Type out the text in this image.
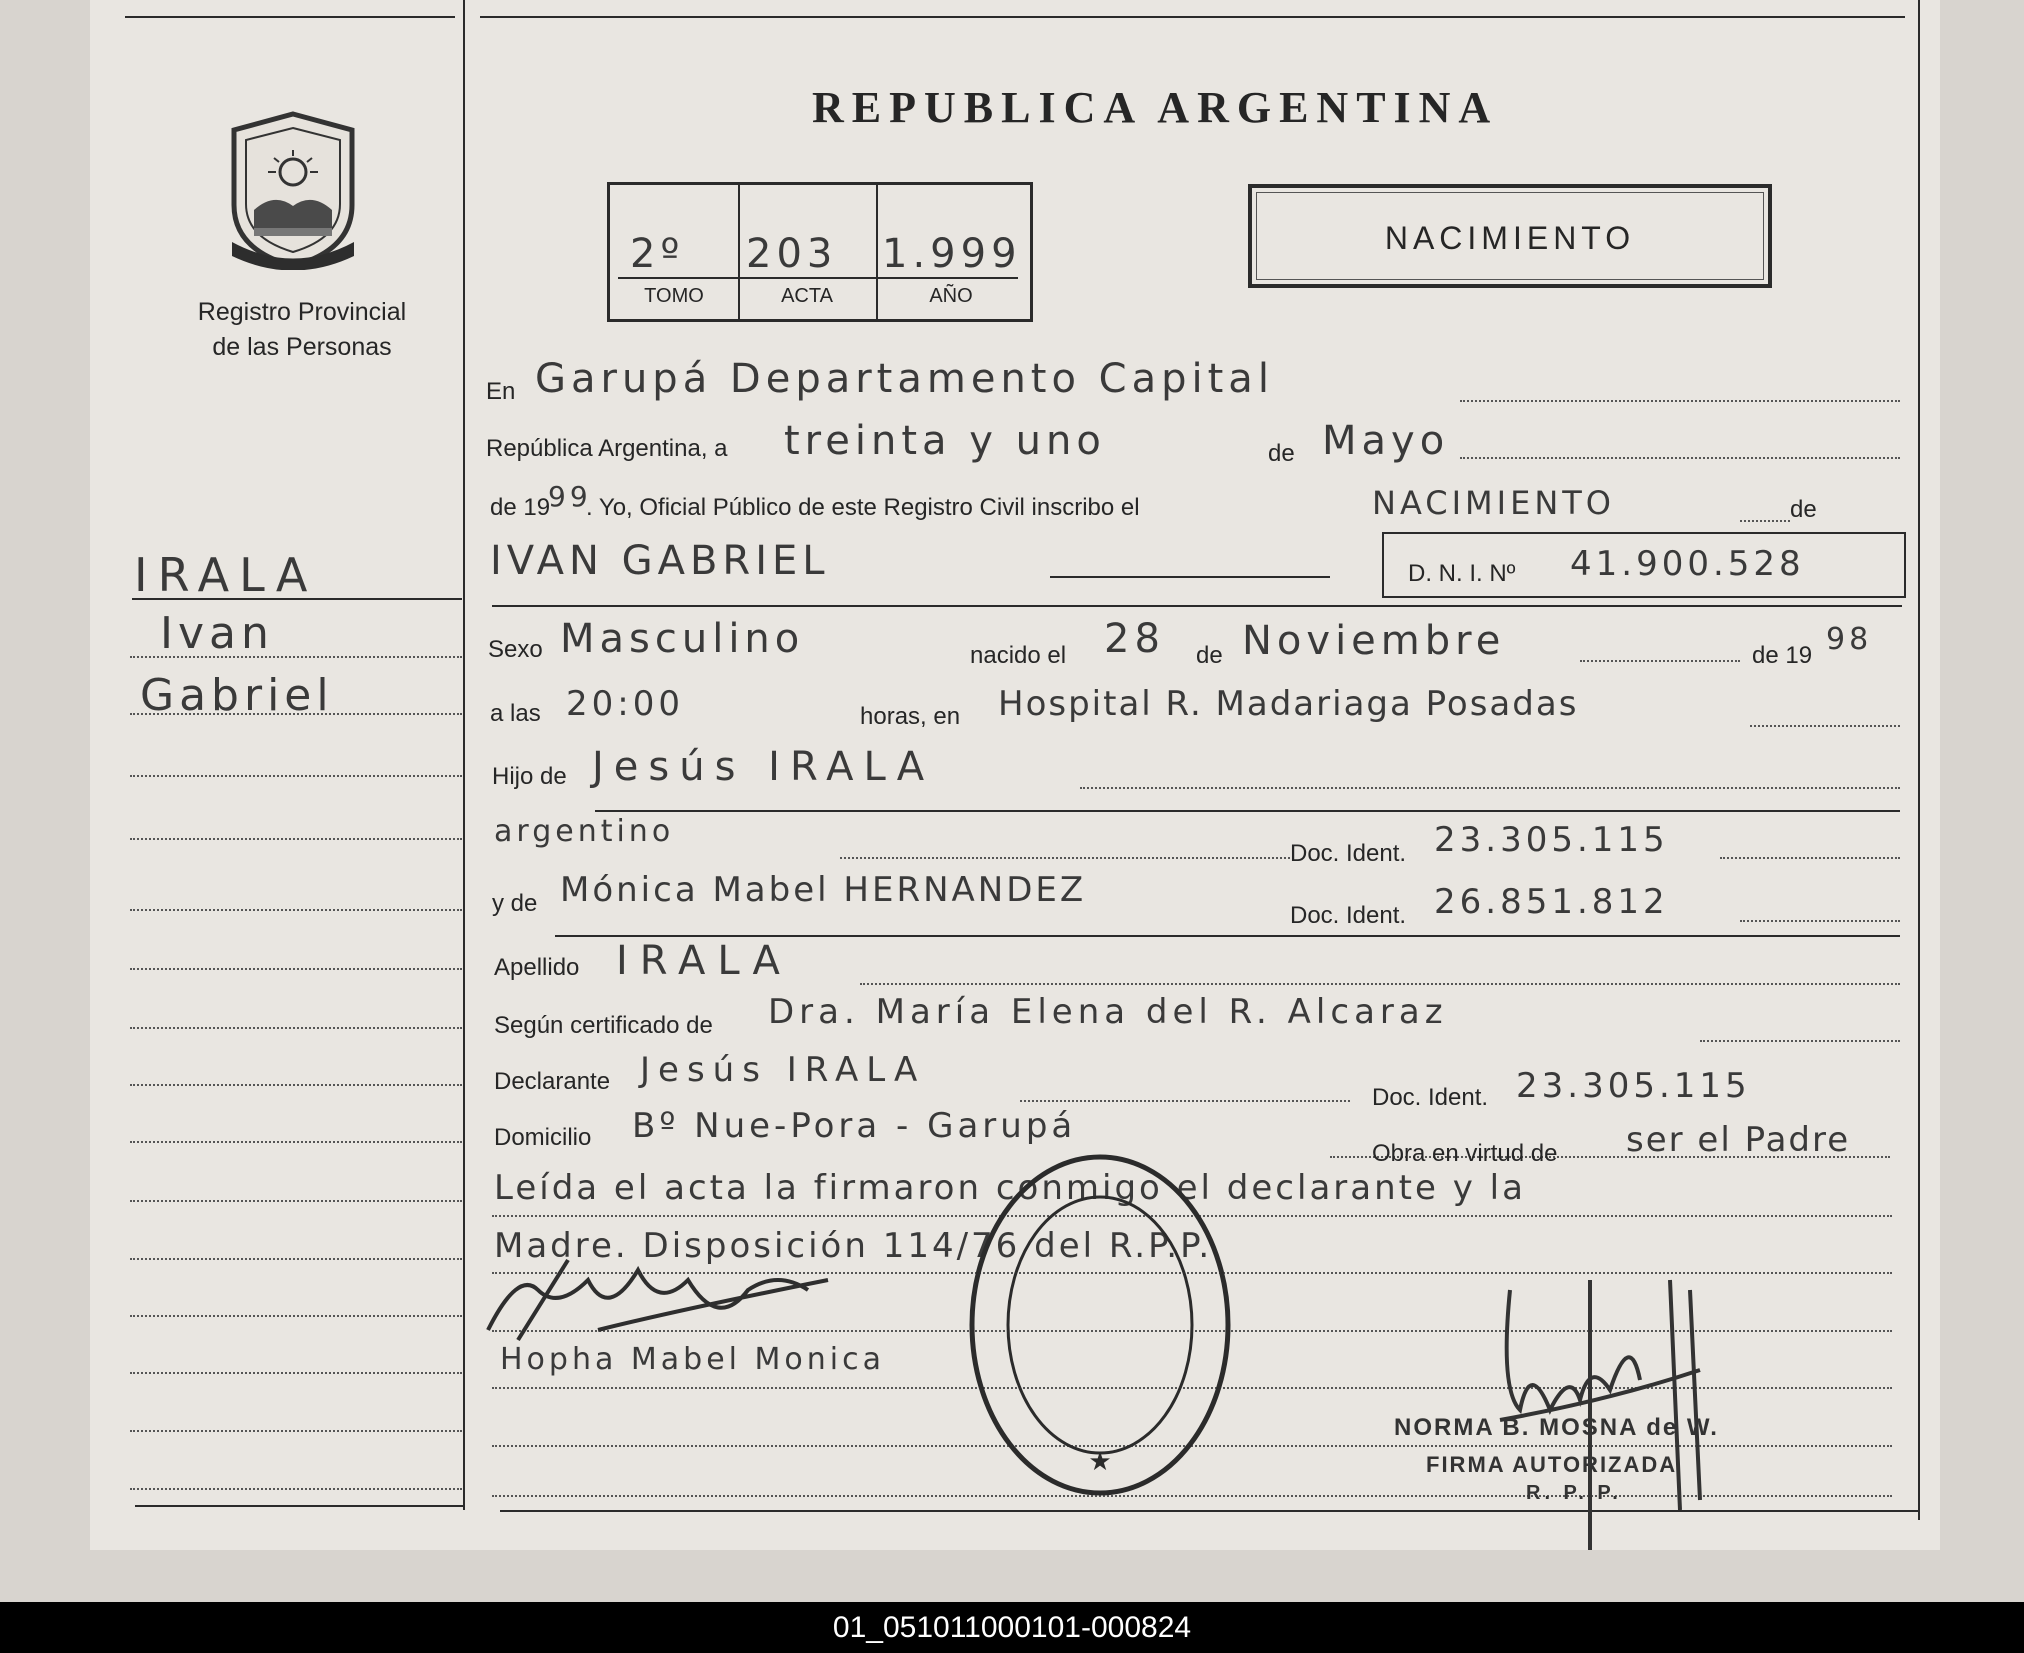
Registro Provincial
de las Personas
REPUBLICA ARGENTINA
2º 203 1.999
TOMO	ACTA	AÑO
NACIMIENTO
IRALA
Ivan
Gabriel
En Garupá Departamento Capital
República Argentina, a treinta y uno	de Mayo
de 19
99
. Yo, Oficial Público de este Registro Civil inscribo el	NACIMIENTO	de
IVAN GABRIEL	D. N. I. Nº 41.900.528
Sexo Masculino	nacido el 28 de Noviembre	de 19 98
a las 20:00	horas, en Hospital R. Madariaga Posadas
Hijo de Jesús IRALA
argentino
Doc. Ident. 23.305.115
y de Mónica Mabel HERNANDEZ
Doc. Ident. 26.851.812
Apellido IRALA
Según certificado de Dra. María Elena del R. Alcaraz
Declarante Jesús IRALA
Doc. Ident. 23.305.115
Domicilio Bº Nue-Pora - Garupá
Obra en virtud de ser el Padre
Leída el acta la firmaron conmigo el declarante y la
Madre. Disposición 114/76 del R.P.P.
Hopha Mabel Monica
★
NORMA B. MOSNA de W.
FIRMA AUTORIZADA
R. P. P.
01_051011000101-000824
